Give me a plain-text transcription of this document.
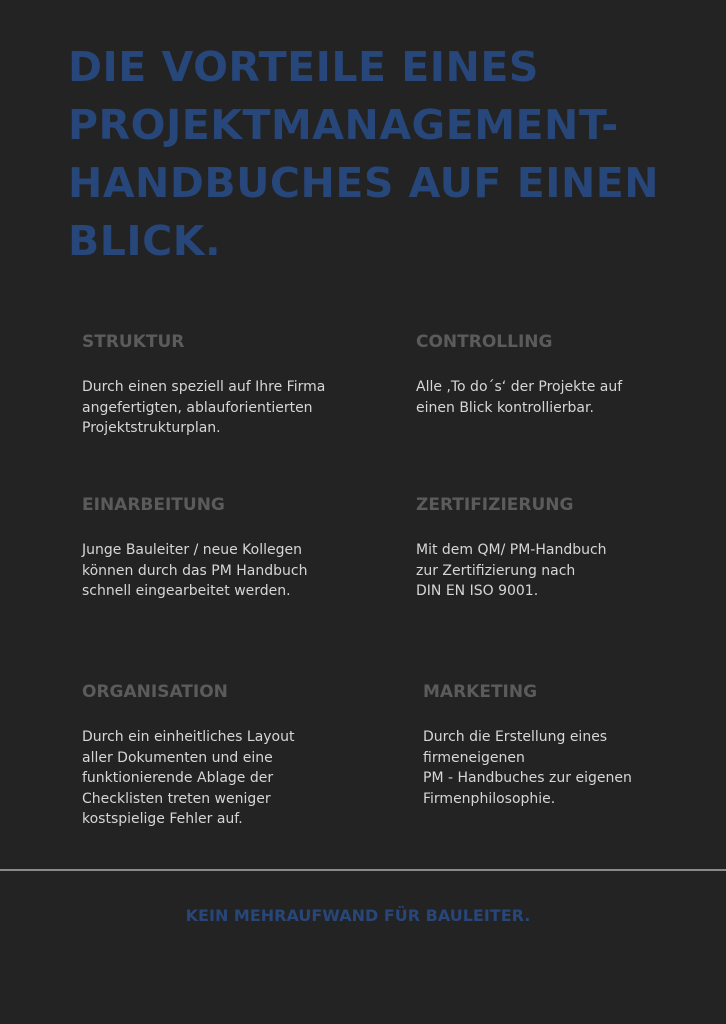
DIE VORTEILE EINES
PROJEKTMANAGEMENT-
HANDBUCHES AUF EINEN
BLICK.
STRUKTUR
Durch einen speziell auf Ihre Firma
angefertigten, ablauforientierten
Projektstrukturplan.
CONTROLLING
Alle ‚To do´s‘ der Projekte auf
einen Blick kontrollierbar.
EINARBEITUNG
Junge Bauleiter / neue Kollegen
können durch das PM Handbuch
schnell eingearbeitet werden.
ZERTIFIZIERUNG
Mit dem QM/ PM-Handbuch
zur Zertifizierung nach
DIN EN ISO 9001.
ORGANISATION
Durch ein einheitliches Layout
aller Dokumenten und eine
funktionierende Ablage der
Checklisten treten weniger
kostspielige Fehler auf.
MARKETING
Durch die Erstellung eines
firmeneigenen
PM - Handbuches zur eigenen
Firmenphilosophie.
KEIN MEHRAUFWAND FÜR BAULEITER.
